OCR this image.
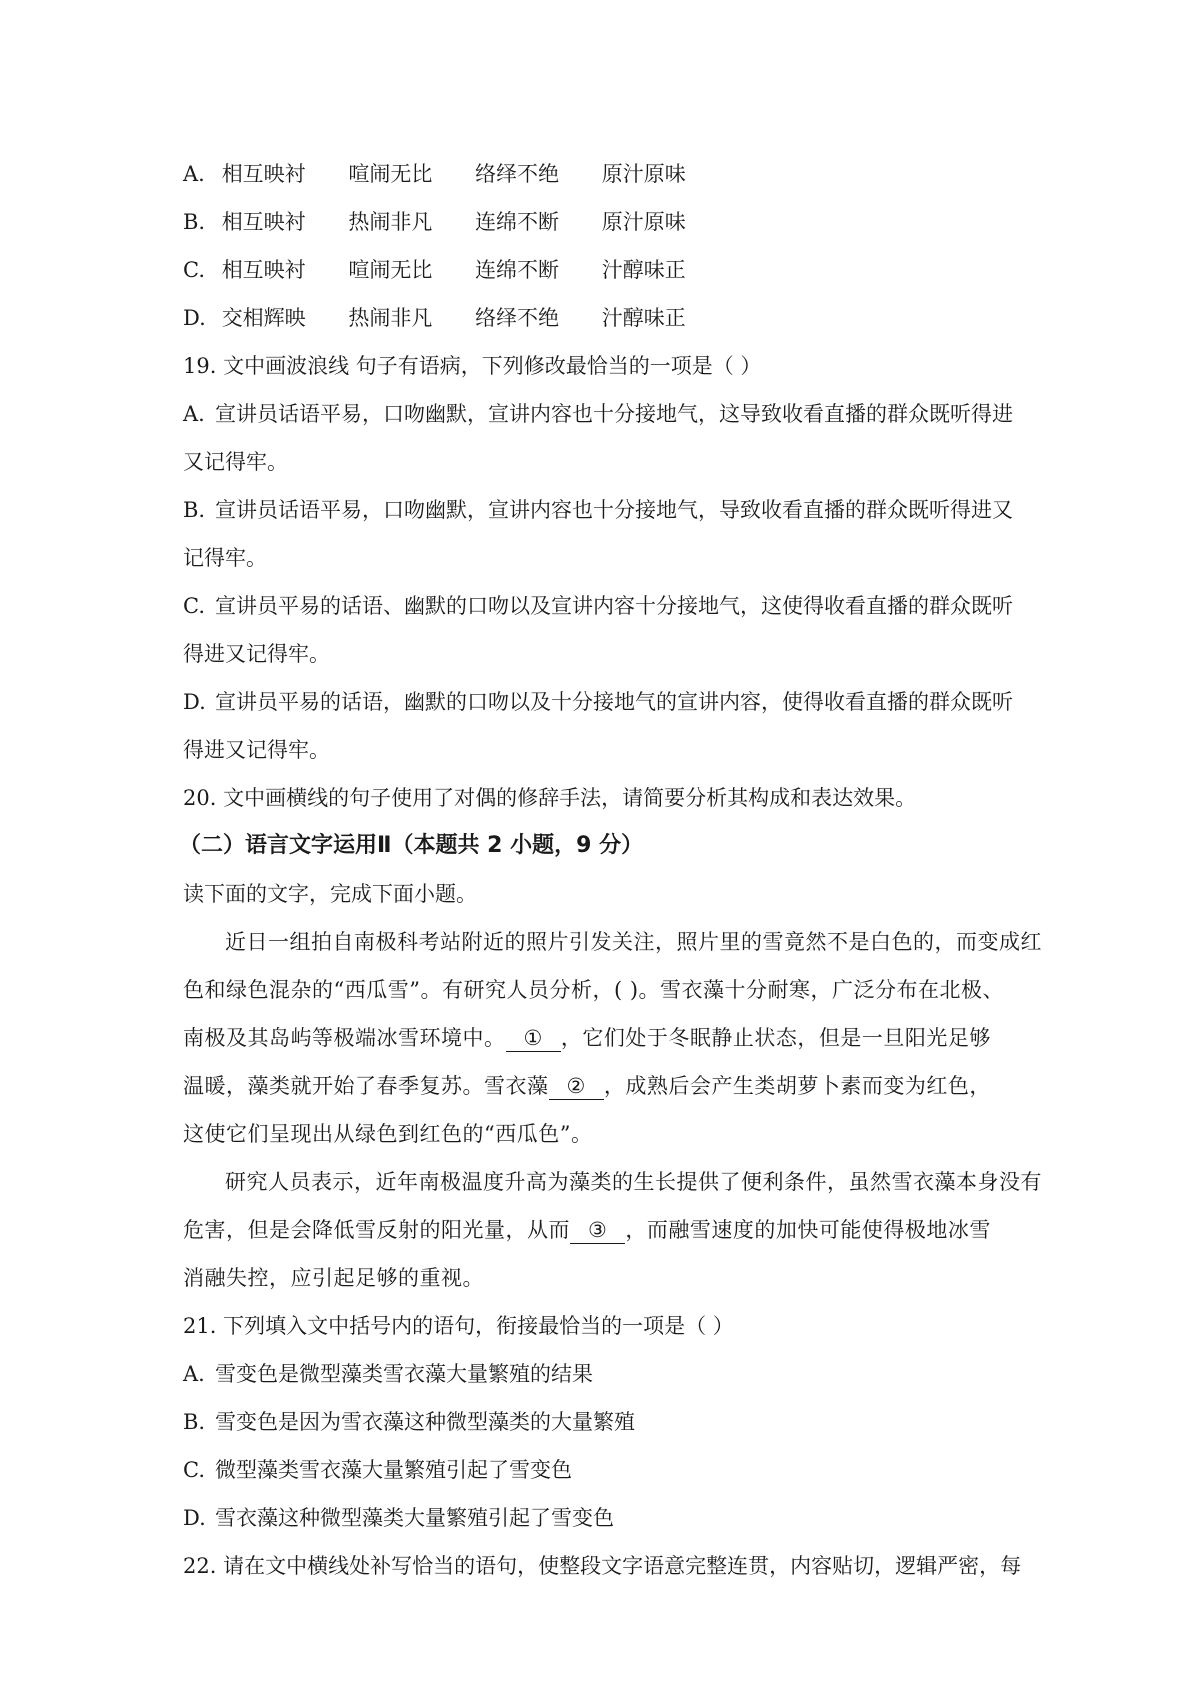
A. 相互映衬 喧闹无比 络绎不绝 原汁原味
B. 相互映衬 热闹非凡 连绵不断 原汁原味
C. 相互映衬 喧闹无比 连绵不断 汁醇味正
D. 交相辉映 热闹非凡 络绎不绝 汁醇味正
19. 文中画波浪线 句子有语病，下列修改最恰当的一项是（ ）
A. 宣讲员话语平易，口吻幽默，宣讲内容也十分接地气，这导致收看直播的群众既听得进
又记得牢。
B. 宣讲员话语平易，口吻幽默，宣讲内容也十分接地气，导致收看直播的群众既听得进又
记得牢。
C. 宣讲员平易的话语、幽默的口吻以及宣讲内容十分接地气，这使得收看直播的群众既听
得进又记得牢。
D. 宣讲员平易的话语，幽默的口吻以及十分接地气的宣讲内容，使得收看直播的群众既听
得进又记得牢。
20. 文中画横线的句子使用了对偶的修辞手法，请简要分析其构成和表达效果。
（二）语言文字运用Ⅱ（本题共 2 小题，9 分）
读下面的文字，完成下面小题。
近日一组拍自南极科考站附近的照片引发关注，照片里的雪竟然不是白色的，而变成红
色和绿色混杂的“西瓜雪”。有研究人员分析，( )。雪衣藻十分耐寒，广泛分布在北极、
南极及其岛屿等极端冰雪环境中。 ① ，它们处于冬眠静止状态，但是一旦阳光足够
温暖，藻类就开始了春季复苏。雪衣藻 ② ，成熟后会产生类胡萝卜素而变为红色，
这使它们呈现出从绿色到红色的“西瓜色”。
研究人员表示，近年南极温度升高为藻类的生长提供了便利条件，虽然雪衣藻本身没有
危害，但是会降低雪反射的阳光量，从而 ③ ，而融雪速度的加快可能使得极地冰雪
消融失控，应引起足够的重视。
21. 下列填入文中括号内的语句，衔接最恰当的一项是（ ）
A. 雪变色是微型藻类雪衣藻大量繁殖的结果
B. 雪变色是因为雪衣藻这种微型藻类的大量繁殖
C. 微型藻类雪衣藻大量繁殖引起了雪变色
D. 雪衣藻这种微型藻类大量繁殖引起了雪变色
22. 请在文中横线处补写恰当的语句，使整段文字语意完整连贯，内容贴切，逻辑严密，每
